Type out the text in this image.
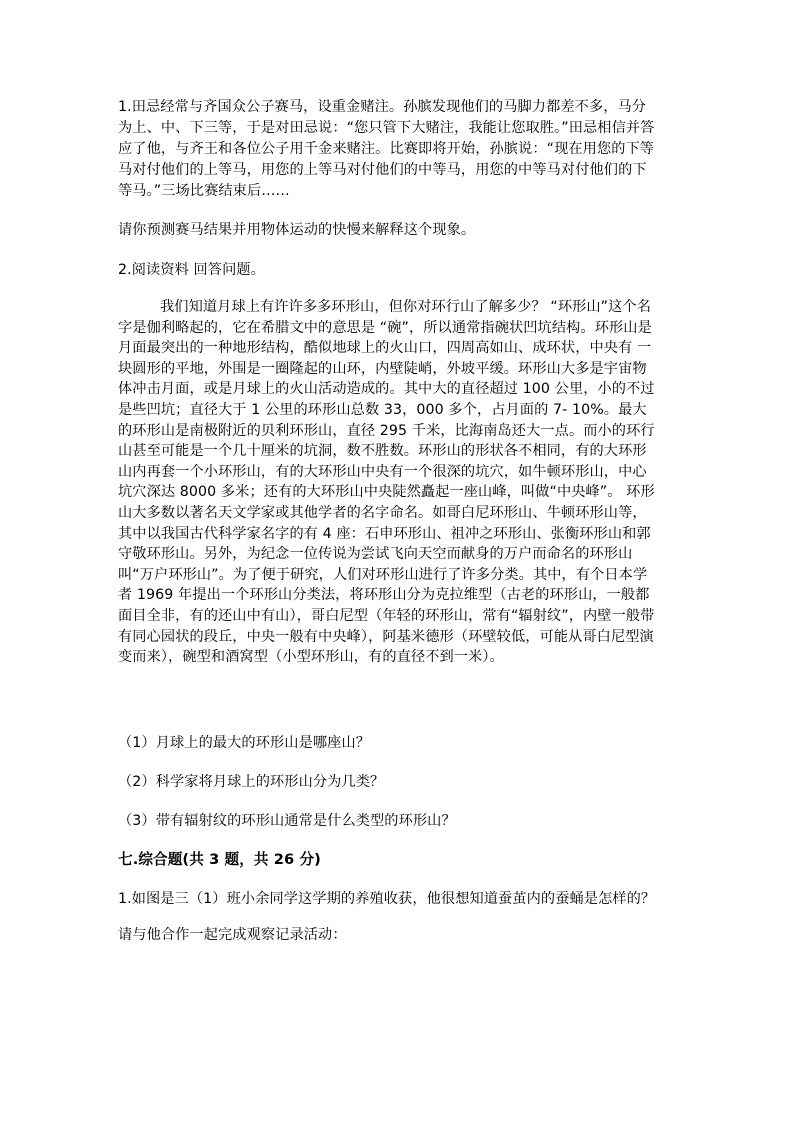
1.田忌经常与齐国众公子赛马，设重金赌注。孙膑发现他们的马脚力都差不多，马分为上、中、下三等，于是对田忌说：“您只管下大赌注，我能让您取胜。”田忌相信并答应了他，与齐王和各位公子用千金来赌注。比赛即将开始，孙膑说：“现在用您的下等马对付他们的上等马，用您的上等马对付他们的中等马，用您的中等马对付他们的下等马。”三场比赛结束后……

请你预测赛马结果并用物体运动的快慢来解释这个现象。

2.阅读资料 回答问题。

我们知道月球上有许许多多环形山，但你对环行山了解多少？ “环形山”这个名字是伽利略起的，它在希腊文中的意思是 “碗”，所以通常指碗状凹坑结构。环形山是月面最突出的一种地形结构，酷似地球上的火山口，四周高如山、成环状，中央有 一块圆形的平地，外围是一圈隆起的山环，内壁陡峭，外坡平缓。环形山大多是宇宙物体冲击月面，或是月球上的火山活动造成的。其中大的直径超过 100 公里，小的不过是些凹坑；直径大于 1 公里的环形山总数 33，000 多个，占月面的 7- 10%。最大的环形山是南极附近的贝利环形山，直径 295 千米，比海南岛还大一点。而小的环行山甚至可能是一个几十厘米的坑洞，数不胜数。环形山的形状各不相同，有的大环形山内再套一个小环形山，有的大环形山中央有一个很深的坑穴，如牛顿环形山，中心坑穴深达 8000 多米；还有的大环形山中央陡然矗起一座山峰，叫做“中央峰”。 环形山大多数以著名天文学家或其他学者的名字命名。如哥白尼环形山、牛顿环形山等，其中以我国古代科学家名字的有 4 座：石申环形山、祖冲之环形山、张衡环形山和郭守敬环形山。另外，为纪念一位传说为尝试飞向天空而献身的万户而命名的环形山叫“万户环形山”。为了便于研究，人们对环形山进行了许多分类。其中，有个日本学者 1969 年提出一个环形山分类法，将环形山分为克拉维型（古老的环形山，一般都面目全非，有的还山中有山），哥白尼型（年轻的环形山，常有“辐射纹”，内壁一般带有同心园状的段丘，中央一般有中央峰），阿基米德形（环壁较低，可能从哥白尼型演变而来），碗型和酒窝型（小型环形山，有的直径不到一米）。

（1）月球上的最大的环形山是哪座山？

（2）科学家将月球上的环形山分为几类？

（3）带有辐射纹的环形山通常是什么类型的环形山？

七.综合题(共 3 题，共 26 分)

1.如图是三（1）班小余同学这学期的养殖收获，他很想知道蚕茧内的蚕蛹是怎样的？请与他合作一起完成观察记录活动：
